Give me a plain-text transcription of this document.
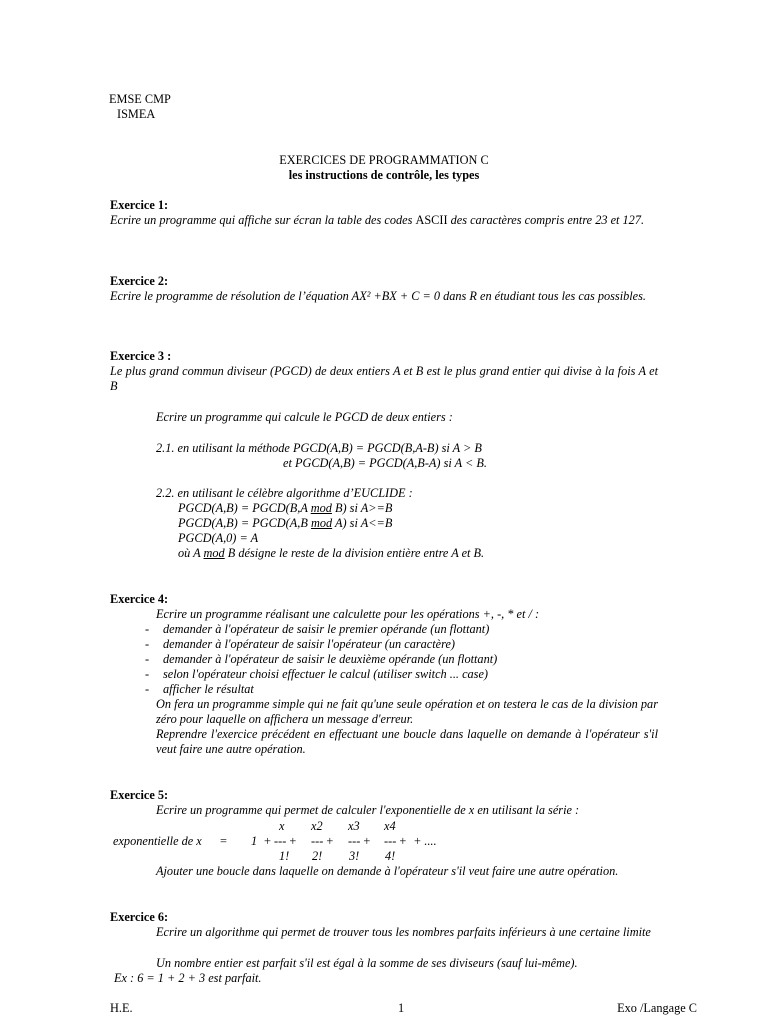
EMSE CMP
ISMEA
EXERCICES DE PROGRAMMATION C
les instructions de contrôle, les types
Exercice 1:
Ecrire un programme qui affiche sur écran la table des codes ASCII des caractères compris entre 23 et 127.
Exercice 2:
Ecrire le programme de résolution de l’équation AX² +BX + C = 0 dans R en étudiant tous les cas possibles.
Exercice 3 :
Le plus grand commun diviseur (PGCD) de deux entiers A et B est le plus grand entier qui divise à la fois A et B
Ecrire un programme qui calcule le PGCD de deux entiers :
2.1. en utilisant la méthode PGCD(A,B) = PGCD(B,A-B) si A > B
et PGCD(A,B) = PGCD(A,B-A) si A < B.
2.2. en utilisant le célèbre algorithme d’EUCLIDE :
PGCD(A,B) = PGCD(B,A mod B) si A>=B
PGCD(A,B) = PGCD(A,B mod A) si A<=B
PGCD(A,0) = A
où A mod B désigne le reste de la division entière entre A et B.
Exercice 4:
Ecrire un programme réalisant une calculette pour les opérations +, -, * et / :
- demander à l'opérateur de saisir le premier opérande (un flottant)
- demander à l'opérateur de saisir l'opérateur (un caractère)
- demander à l'opérateur de saisir le deuxième opérande (un flottant)
- selon l'opérateur choisi effectuer le calcul (utiliser switch ... case)
- afficher le résultat
On fera un programme simple qui ne fait qu'une seule opération et on testera le cas de la division par zéro pour laquelle on affichera un message d'erreur.
Reprendre l'exercice précédent en effectuant une boucle dans laquelle on demande à l'opérateur s'il veut faire une autre opération.
Exercice 5:
Ecrire un programme qui permet de calculer l'exponentielle de x en utilisant la série :
x x2 x3 x4
exponentielle de x = 1 + --- + --- + --- + --- + + ....
1! 2! 3! 4!
Ajouter une boucle dans laquelle on demande à l'opérateur s'il veut faire une autre opération.
Exercice 6:
Ecrire un algorithme qui permet de trouver tous les nombres parfaits inférieurs à une certaine limite
Un nombre entier est parfait s'il est égal à la somme de ses diviseurs (sauf lui-même).
Ex : 6 = 1 + 2 + 3 est parfait.
H.E.	1	Exo /Langage C
